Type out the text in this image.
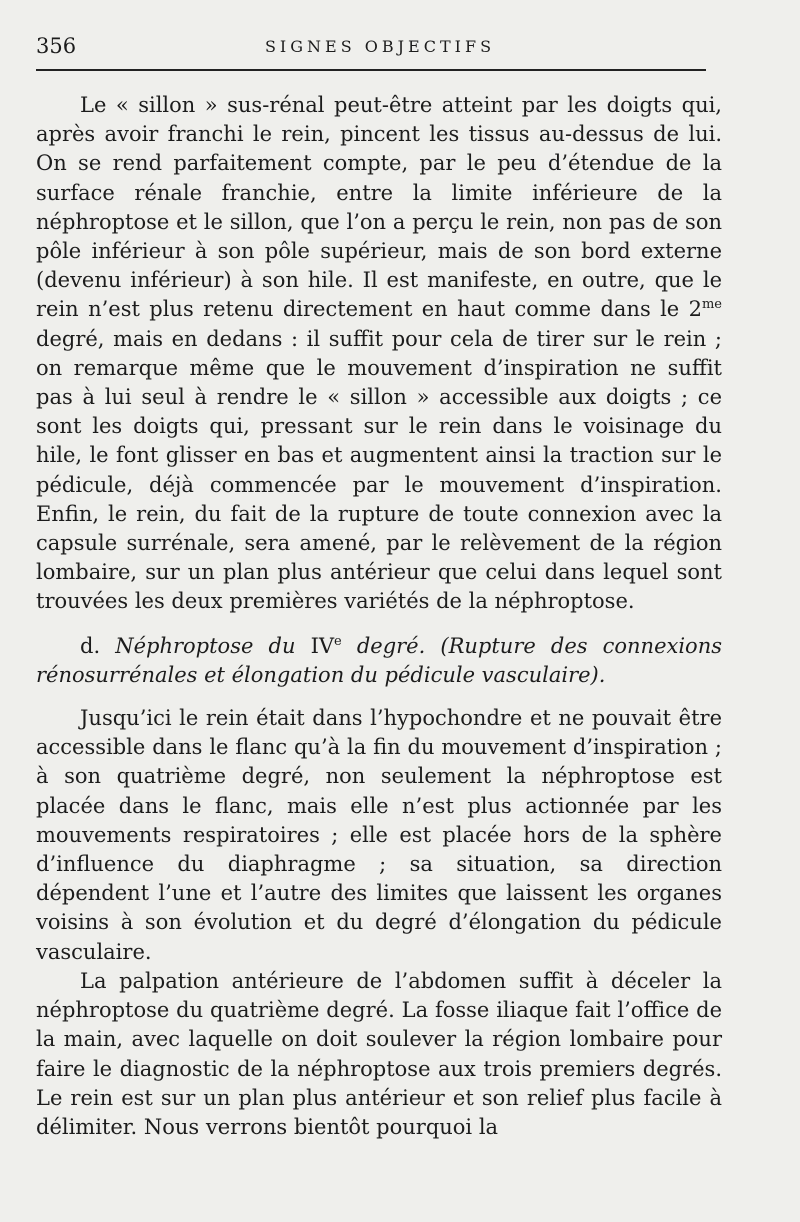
356	SIGNES OBJECTIFS

Le « sillon » sus-rénal peut-être atteint par les doigts qui, après avoir franchi le rein, pincent les tissus au-dessus de lui. On se rend parfaitement compte, par le peu d’étendue de la surface rénale franchie, entre la limite inférieure de la néphroptose et le sillon, que l’on a perçu le rein, non pas de son pôle inférieur à son pôle supérieur, mais de son bord externe (devenu inférieur) à son hile. Il est manifeste, en outre, que le rein n’est plus retenu directement en haut comme dans le $2^{me}$ degré, mais en dedans : il suffit pour cela de tirer sur le rein ; on remarque même que le mouvement d’inspiration ne suffit pas à lui seul à rendre le « sillon » accessible aux doigts ; ce sont les doigts qui, pressant sur le rein dans le voisinage du hile, le font glisser en bas et augmentent ainsi la traction sur le pédicule, déjà commencée par le mouvement d’inspiration. Enfin, le rein, du fait de la rupture de toute connexion avec la capsule surrénale, sera amené, par le relèvement de la région lombaire, sur un plan plus antérieur que celui dans lequel sont trouvées les deux premières variétés de la néphroptose.

d. Néphroptose du IVe degré. (Rupture des connexions rénosurrénales et élongation du pédicule vasculaire).

Jusqu’ici le rein était dans l’hypochondre et ne pouvait être accessible dans le flanc qu’à la fin du mouvement d’inspiration ; à son quatrième degré, non seulement la néphroptose est placée dans le flanc, mais elle n’est plus actionnée par les mouvements respiratoires ; elle est placée hors de la sphère d’influence du diaphragme ; sa situation, sa direction dépendent l’une et l’autre des limites que laissent les organes voisins à son évolution et du degré d’élongation du pédicule vasculaire.

La palpation antérieure de l’abdomen suffit à déceler la néphroptose du quatrième degré. La fosse iliaque fait l’office de la main, avec laquelle on doit soulever la région lombaire pour faire le diagnostic de la néphroptose aux trois premiers degrés. Le rein est sur un plan plus antérieur et son relief plus facile à délimiter. Nous verrons bientôt pourquoi la
